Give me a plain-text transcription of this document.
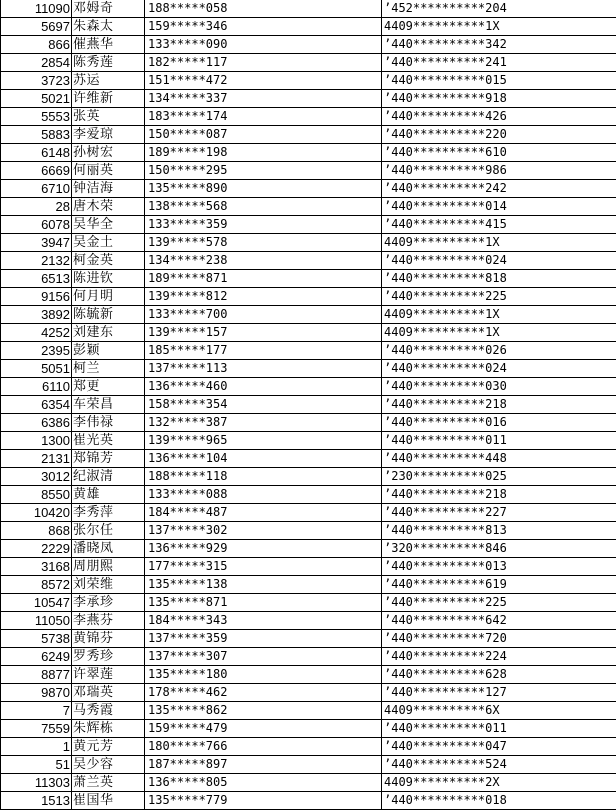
11090	邓姆奇	188*****058	’452**********204
5697	朱森太	159*****346	4409**********1X
866	催燕华	133*****090	’440**********342
2854	陈秀莲	182*****117	’440**********241
3723	苏运	151*****472	’440**********015
5021	许维新	134*****337	’440**********918
5553	张英	183*****174	’440**********426
5883	李爱琼	150*****087	’440**********220
6148	孙树宏	189*****198	’440**********610
6669	何丽英	150*****295	’440**********986
6710	钟洁海	135*****890	’440**********242
28	唐木荣	138*****568	’440**********014
6078	吴华全	133*****359	’440**********415
3947	吴金土	139*****578	4409**********1X
2132	柯金英	134*****238	’440**********024
6513	陈进钦	189*****871	’440**********818
9156	何月明	139*****812	’440**********225
3892	陈毓新	133*****700	4409**********1X
4252	刘建东	139*****157	4409**********1X
2395	彭颖	185*****177	’440**********026
5051	柯兰	137*****113	’440**********024
6110	郑更	136*****460	’440**********030
6354	车荣昌	158*****354	’440**********218
6386	李伟禄	132*****387	’440**********016
1300	崔光英	139*****965	’440**********011
2131	郑锦芳	136*****104	’440**********448
3012	纪淑清	188*****118	’230**********025
8550	黄雄	133*****088	’440**********218
10420	李秀萍	184*****487	’440**********227
868	张尔任	137*****302	’440**********813
2229	潘晓凤	136*****929	’320**********846
3168	周朋熙	177*****315	’440**********013
8572	刘荣维	135*****138	’440**********619
10547	李承珍	135*****871	’440**********225
11050	李燕芬	184*****343	’440**********642
5738	黄锦芬	137*****359	’440**********720
6249	罗秀珍	137*****307	’440**********224
8877	许翠莲	135*****180	’440**********628
9870	邓瑞英	178*****462	’440**********127
7	马秀霞	135*****862	4409**********6X
7559	朱辉栋	159*****479	’440**********011
1	黄元芳	180*****766	’440**********047
51	吴少容	187*****897	’440**********524
11303	萧兰英	136*****805	4409**********2X
1513	崔国华	135*****779	’440**********018
